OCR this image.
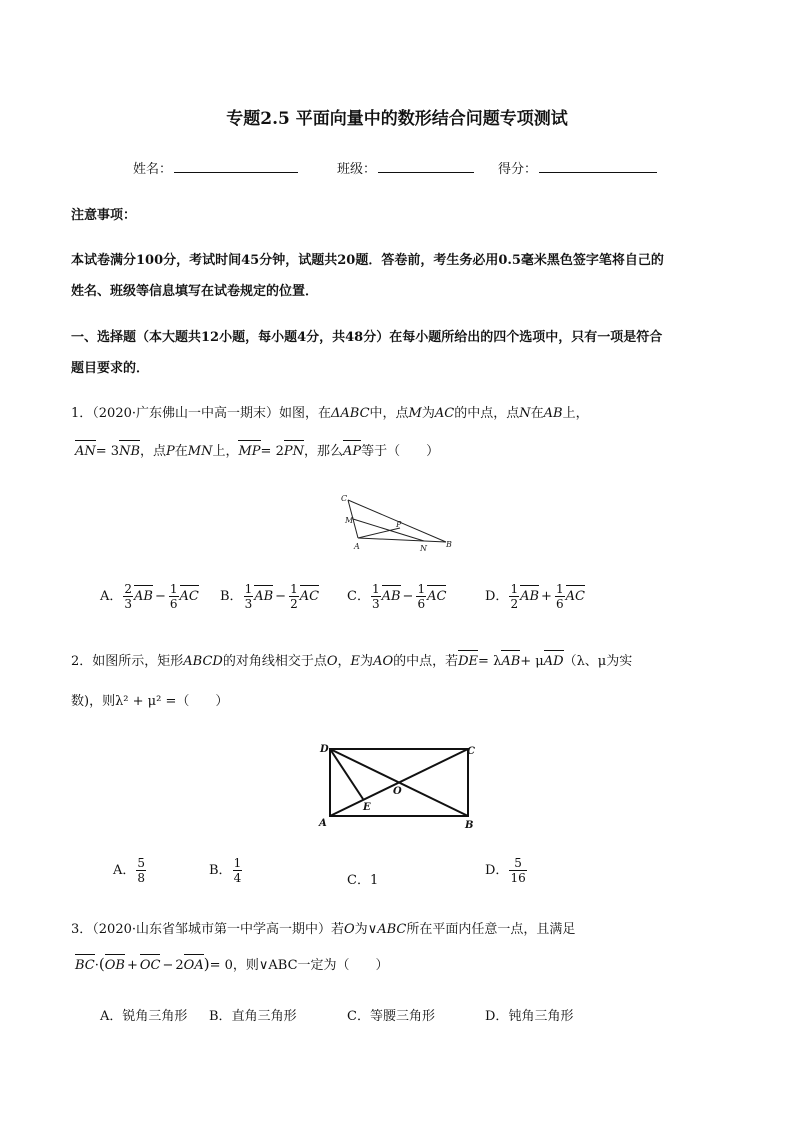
专题2.5 平面向量中的数形结合问题专项测试
姓名：	班级：	得分：
注意事项：
本试卷满分100分，考试时间45分钟，试题共20题．答卷前，考生务必用0.5毫米黑色签字笔将自己的
姓名、班级等信息填写在试卷规定的位置．
一、选择题（本大题共12小题，每小题4分，共48分）在每小题所给出的四个选项中，只有一项是符合
题目要求的．
1．（2020·广东佛山一中高一期末）如图，在ΔABC中，点M为AC的中点，点N在AB上，
AN= 3NB，点P在MN上，MP= 2PN，那么AP等于（　　）
C
M	P
A	N B
A． $\frac{2}{3}$ AB − $\frac{1}{6}$ AC B． $\frac{1}{3}$ AB − $\frac{1}{2}$ AC C． $\frac{1}{3}$ AB − $\frac{1}{6}$ AC	D． $\frac{1}{2}$ AB + $\frac{1}{6}$ AC
2．如图所示，矩形ABCD的对角线相交于点O，E为AO的中点，若DE= λAB+ μAD（λ、μ为实
数)，则λ² + μ² =（　　）
D	C
O
E
A	B
A． $\frac{5}{8}$	B． $\frac{1}{4}$	C．1
D． $\frac{5}{16}$
3．（2020·山东省邹城市第一中学高一期中）若O为∨ABC所在平面内任意一点，且满足
BC·(OB + OC − 2OA)= 0，则∨ABC一定为（　　）
A．锐角三角形 B．直角三角形	C．等腰三角形	D．钝角三角形
